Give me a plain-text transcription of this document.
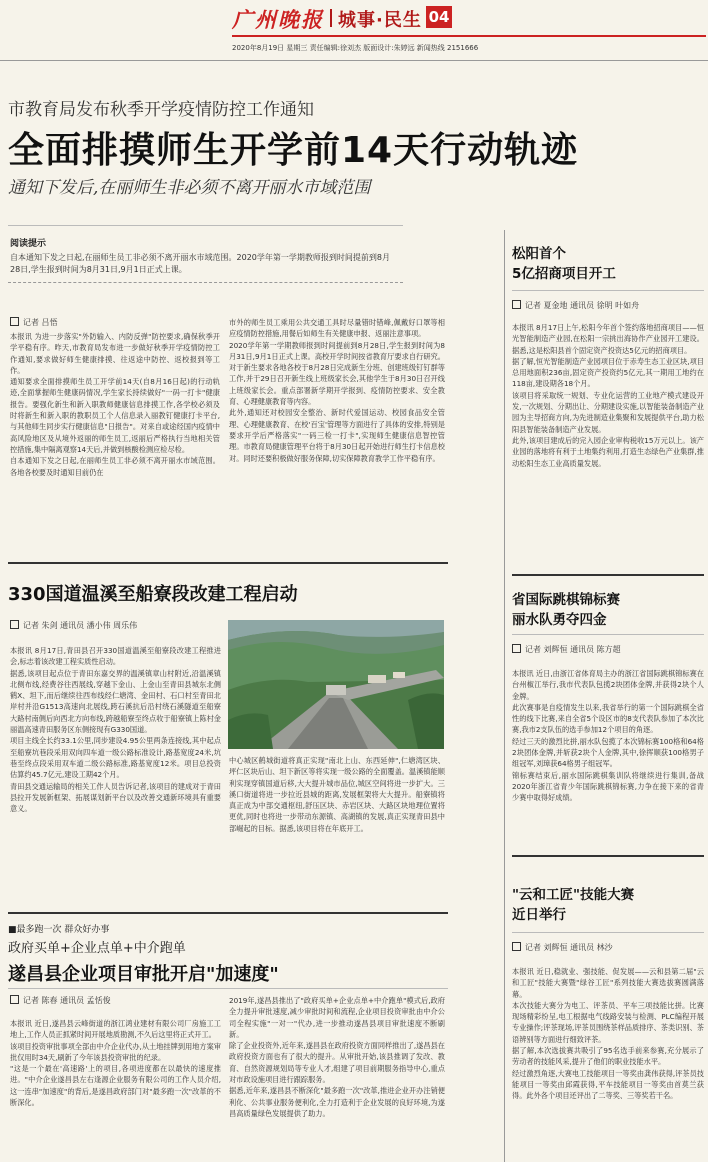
广州晚报 城事·民生 04
2020年8月19日 星期三 责任编辑:徐刘杰 版面设计:朱婷远 新闻热线 2151666
市教育局发布秋季开学疫情防控工作通知
全面排摸师生开学前14天行动轨迹
通知下发后,在丽师生非必须不离开丽水市域范围
阅读提示
自本通知下发之日起,在丽师生员工非必须不离开丽水市域范围。2020学年第一学期教师报到时间提前到8月28日,学生报到时间为8月31日,9月1日正式上课。
记者 吕悟
本报讯 为进一步落实"外防输入、内防反弹"防控要求,确保秋季开学平稳有序。昨天,市教育局发布进一步做好秋季开学疫情防控工作通知,要求做好师生健康排摸、往返途中防控、返校报到等工作。
通知要求全面排摸师生员工开学前14天(自8月16日起)的行动轨迹,全面掌握师生健康码情况,学生家长持续做好"一码一打卡"健康报告。要强化新生和新入职教师健康信息排摸工作,各学校必须及时将新生和新入职的教职员工个人信息录入丽教钉健康打卡平台,与其他师生同步实行健康信息"日报告"。对来自或途经国内疫情中高风险地区及从境外返丽的师生员工,返丽后严格执行当地相关管控措施,集中隔离观察14天后,并做到核酸检测应检尽检。
自本通知下发之日起,在丽师生员工非必须不离开丽水市域范围。各地各校要及时通知目前仍在
市外的师生员工乘用公共交通工具时尽量错时错峰,佩戴好口罩等相应疫情防控措施,用餐后如师生有关健康申报、返丽注意事项。
2020学年第一学期教师报到时间提前到8月28日,学生报到时间为8月31日,9月1日正式上课。高校开学时间按省教育厅要求自行研究。对于新生要求各地各校于8月28日完成新生分班、创建班级钉钉群等工作,并于29日召开新生线上班级家长会,其他学生于8月30日召开线上班级家长会。重点部署新学期开学报到、疫情防控要求、安全教育、心理健康教育等内容。
此外,通知还对校园安全整治、新时代爱国运动、校园食品安全管理、心理健康教育、在校'百宝'管理等方面进行了具体的安排,特别是要求开学后严格落实"一码三检一打卡",实现师生健康信息智控管理。市教育局健康管理平台将于8月30日起开始进行师生打卡信息校对。同时还要积极做好服务保障,切实保障教育教学工作平稳有序。
330国道温溪至船寮段改建工程启动
记者 朱剑 通讯员 潘小伟 周乐伟
本报讯 8月17日,青田县召开330国道温溪至船寮段改建工程推进会,标志着该改建工程实质性启动。
据悉,该项目起点位于青田东嘉交界的温溪镇章山村附近,沿温溪镇北侧布线,经费谷往西展线,穿越下金山、上金山至青田县城东北侧鹤Ⅹ、坦下,而后继续往西布线经仁塘湾、金田村、石口村至青田北岸村并沿G1513高速向北展线,跨石溪抗后沿村绕石溪隧道至船寮大路村南侧后向西北方向布线,跨越船寮至终点收于船寮镇上陈村金丽温高速青田服务区东侧接现有G330国道。
项目主线全长约33.1公里,同步建设4.95公里两条连接线,其中起点至船寮坑巷段采用双向四车道一级公路标准设计,路基宽度24米,坑巷至终点段采用双车道二级公路标准,路基宽度12米。项目总投资估算约45.7亿元,建设工期42个月。
青田县交通运输局的相关工作人员告诉记者,该项目的建成对于青田县拉开发展新框架、拓展谋划新平台以及改善交通新环境具有重要意义。
中心城区鹤城街道将真正实现"南北上山、东西延伸",仁塘湾区块、坪仁区块后山、坦下新区等将实现一级公路的全面覆盖。温溪镇能顺利实现穿镇国道后移,大大提升城市品位,城区空间将进一步扩大。三溪口街道将进一步拉近县城的距离,发展框架将大大提升。船寮镇将真正成为中部交通枢纽,舒压区块、赤岩区块、大路区块地理位置将更优,同时也将进一步带动东源镇、高湖镇的发展,真正实现青田县中部崛起的目标。据悉,该项目将在年底开工。
■最多跑一次 群众好办事
政府买单+企业点单+中介跑单
遂昌县企业项目审批开启"加速度"
记者 陈春 通讯员 孟恬俊
本报讯 近日,遂昌县云峰街道的浙江鸿业建材有限公司厂房施工工地上,工作人员正抓紧时间开展地质勘测,不久后这里将正式开工。
该项目投资审批事项全部由中介企业代办,从土地挂牌到用地方案审批仅用时34天,刷新了今年该县投资审批的纪录。
"这是一个最在'高速路'上的项目,各项进度都在以最快的速度推进。"中介企业遂昌县左右逢源企业服务有限公司的工作人员介绍,这一连串"加速度"的背后,是遂昌政府部门对"最多跑一次"改革的不断深化。
2019年,遂昌县推出了"政府买单+企业点单+中介跑单"模式后,政府全力提升审批速度,减少审批时间和流程,企业项目投资审批由中介公司全程实施"一对一"代办,进一步推动遂昌县项目审批速度不断刷新。
除了企业投资外,近年来,遂昌县在政府投资方面同样推出了,遂昌县在政府投资方面也有了很大的提升。从审批开始,该县推调了发改、教育、自然资源规划局等专业人才,组建了项目前期服务指导中心,重点对市政设施项目进行跟踪服务。
据悉,近年来,遂昌县不断深化"最多跑一次"改革,推进企业开办注销便利化、公共事业服务便利化,全力打造利于企业发展的良好环境,为遂昌高质量绿色发展提供了助力。
松阳首个
5亿招商项目开工
记者 夏金地 通讯员 徐明 叶如舟
本报讯 8月17日上午,松阳今年首个签约落地招商项目——恒光智能制造产业园,在松阳一宗挑出海协作产业园开工建设。据悉,这是松阳县首个固定资产投资达5亿元的招商项目。
据了解,恒光智能制造产业园项目位于赤寿生态工业区块,项目总用地面积236亩,固定资产投资约5亿元,其一期用工地约在118亩,建设期各18个月。
该项目将采取统一规划、专业化运营的工业地产模式建设开发,一次规划、分期出让、分期建设实施,以智能装备制造产业园为主导招商方向,为先进制造业集聚和发展提供平台,助力松阳县智能装备制造产业发展。
此外,该项目建成后的完入园企业审构税收15万元以上。该产业园的落地将有利于土地集约利用,打造生态绿色产业集群,推动松阳生态工业高质量发展。
省国际跳棋锦标赛
丽水队勇夺四金
记者 刘辉恒 通讯员 陈方超
本报讯 近日,由浙江省体育局主办的浙江省国际跳棋锦标赛在台州椒江举行,我市代表队包揽2块团体金牌,并获得2块个人金牌。
此次赛事是自疫情发生以来,我省举行的第一个国际跳棋全省性的线下比赛,来自全省5个设区市的8支代表队参加了本次比赛,我市2支队伍的选手参加12个项目的角逐。
经过三天的激烈比拼,丽水队包揽了本次锦标赛100格和64格2块团体金牌,并斩获2块个人金牌,其中,徐挥顺获100格男子组冠军,刘璋获64格男子组冠军。
锦标赛结束后,丽水国际跳棋集训队将继续进行集训,备战2020年浙江省青少年国际跳棋锦标赛,力争在接下来的省青少赛中取得好成绩。
"云和工匠"技能大赛
近日举行
记者 刘辉恒 通讯员 林沙
本报讯 近日,稳就业、强技能、促发展——云和县第二届"云和工匠"技能大赛暨"绿谷工匠"系列技能大赛选拔赛圆满落幕。
本次技能大赛分为电工、评茶员、平车三项技能比拼。比赛现场精彩纷呈,电工根据电气线路安装与检测、PLC编程开展专业操作;评茶现场,评茶员围绕茶样品质排序、茶类识别、茶语辨别等方面进行细致评茶。
据了解,本次选拔赛共吸引了95名选手前来参赛,充分展示了劳动者的技能风采,提升了他们的职业技能水平。
经过激烈角逐,大赛电工技能项目一等奖由龚伟获得,评茶员技能项目一等奖由邱霞获得,平车技能项目一等奖由首莫兰获得。此外各个项目还评出了二等奖、三等奖若干名。
